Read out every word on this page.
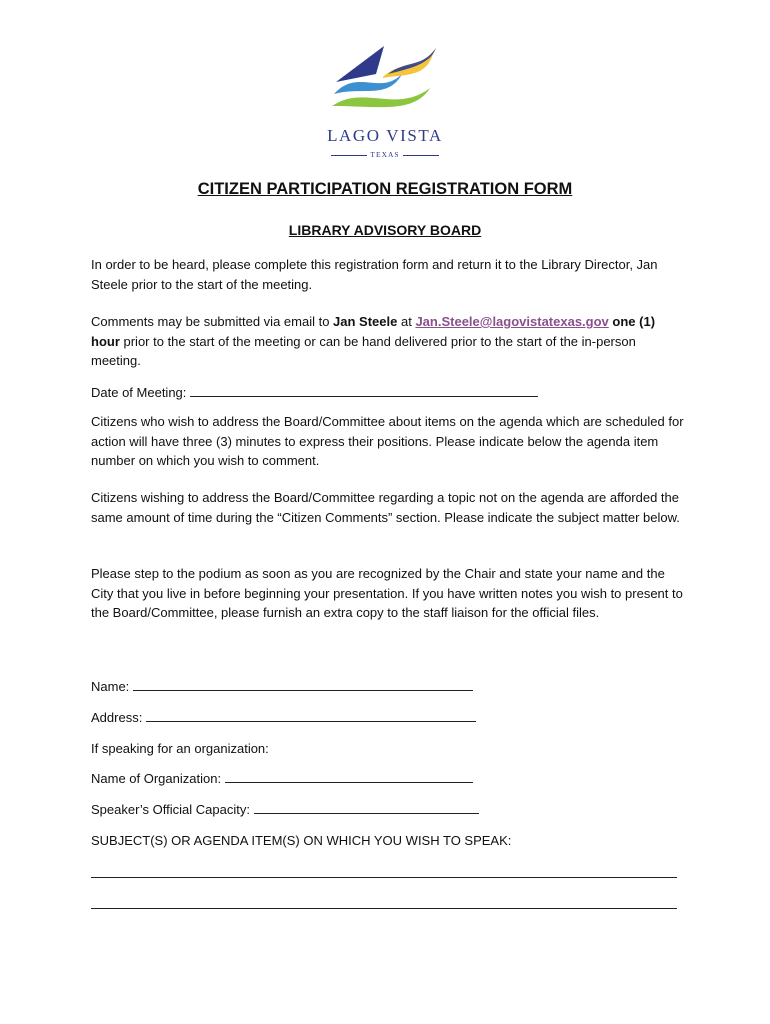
LAGO VISTA
TEXAS
CITIZEN PARTICIPATION REGISTRATION FORM
LIBRARY ADVISORY BOARD

In order to be heard, please complete this registration form and return it to the Library Director, Jan Steele prior to the start of the meeting.

Comments may be submitted via email to Jan Steele at Jan.Steele@lagovistatexas.gov one (1) hour prior to the start of the meeting or can be hand delivered prior to the start of the in-person meeting.

Date of Meeting:

Citizens who wish to address the Board/Committee about items on the agenda which are scheduled for action will have three (3) minutes to express their positions. Please indicate below the agenda item number on which you wish to comment.

Citizens wishing to address the Board/Committee regarding a topic not on the agenda are afforded the same amount of time during the “Citizen Comments” section. Please indicate the subject matter below.

Please step to the podium as soon as you are recognized by the Chair and state your name and the City that you live in before beginning your presentation. If you have written notes you wish to present to the Board/Committee, please furnish an extra copy to the staff liaison for the official files.

Name:
Address:
If speaking for an organization:
Name of Organization:
Speaker’s Official Capacity:
SUBJECT(S) OR AGENDA ITEM(S) ON WHICH YOU WISH TO SPEAK:
